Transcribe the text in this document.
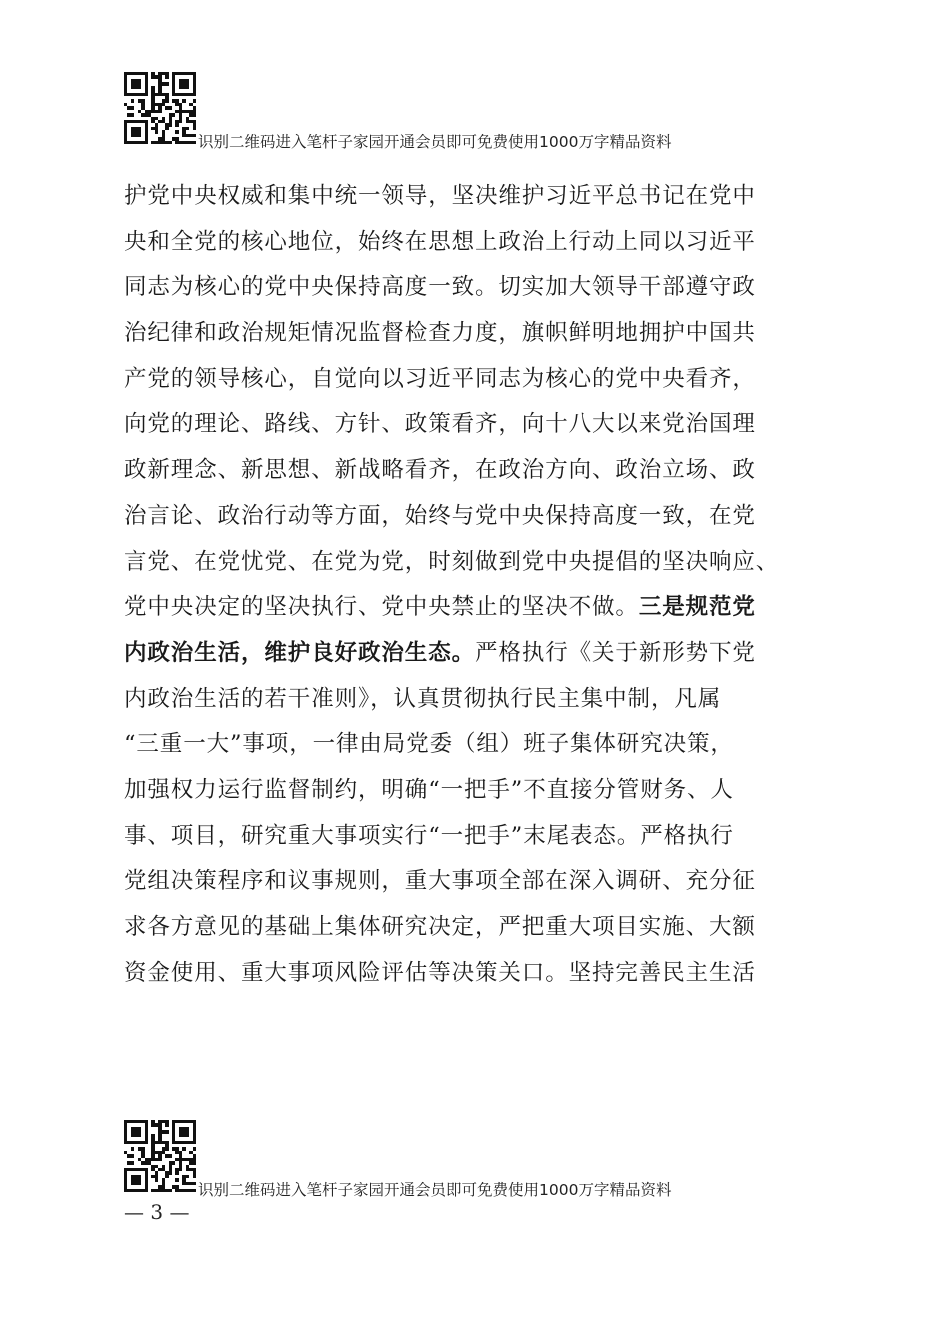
识别二维码进入笔杆子家园开通会员即可免费使用1000万字精品资料
护党中央权威和集中统一领导，坚决维护习近平总书记在党中
央和全党的核心地位，始终在思想上政治上行动上同以习近平
同志为核心的党中央保持高度一致。切实加大领导干部遵守政
治纪律和政治规矩情况监督检查力度，旗帜鲜明地拥护中国共
产党的领导核心，自觉向以习近平同志为核心的党中央看齐，
向党的理论、路线、方针、政策看齐，向十八大以来党治国理
政新理念、新思想、新战略看齐，在政治方向、政治立场、政
治言论、政治行动等方面，始终与党中央保持高度一致，在党
言党、在党忧党、在党为党，时刻做到党中央提倡的坚决响应、
党中央决定的坚决执行、党中央禁止的坚决不做。三是规范党
内政治生活，维护良好政治生态。严格执行《关于新形势下党
内政治生活的若干准则》，认真贯彻执行民主集中制，凡属
“三重一大”事项，一律由局党委（组）班子集体研究决策，
加强权力运行监督制约，明确“一把手”不直接分管财务、人
事、项目，研究重大事项实行“一把手”末尾表态。严格执行
党组决策程序和议事规则，重大事项全部在深入调研、充分征
求各方意见的基础上集体研究决定，严把重大项目实施、大额
资金使用、重大事项风险评估等决策关口。坚持完善民主生活
识别二维码进入笔杆子家园开通会员即可免费使用1000万字精品资料
— 3 —
